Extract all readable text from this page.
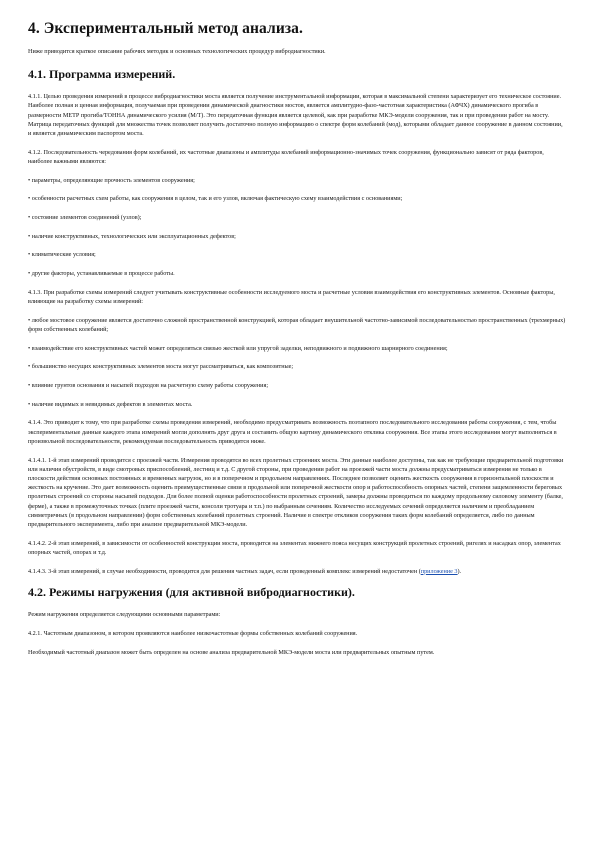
4. Экспериментальный метод анализа.

Ниже приводится краткое описание рабочих методик и основных технологических процедур вибродиагностики.

4.1. Программа измерений.

4.1.1. Целью проведения измерений в процессе вибродиагностики моста является получение инструментальной информации, которая в максимальной степени характеризует его техническое состояние. Наиболее полная и ценная информация, получаемая при проведении динамической диагностики мостов, является амплитудно-фазо-частотная характеристика (АФЧХ) динамического прогиба в размерности МЕТР прогиба/ТОННА динамического усилия (М/Т). Это передаточная функция является целевой, как при разработке МКЭ-модели сооружения, так и при проведении работ на мосту. Матрица передаточных функций для множества точек позволяет получить достаточно полную информацию о спектре форм колебаний (мод), которыми обладает данное сооружение в данном состоянии, и является динамическим паспортом моста.

4.1.2. Последовательность чередования форм колебаний, их частотные диапазоны и амплитуды колебаний информационно-значимых точек сооружения, функционально зависят от ряда факторов, наиболее важными являются:

• параметры, определяющие прочность элементов сооружения;

• особенности расчетных схем работы, как сооружения в целом, так и его узлов, включая фактическую схему взаимодействия с основаниями;

• состояние элементов соединений (узлов);

• наличие конструктивных, технологических или эксплуатационных дефектов;

• климатические условия;

• другие факторы, устанавливаемые в процессе работы.

4.1.3. При разработке схемы измерений следует учитывать конструктивные особенности исследуемого моста и расчетные условия взаимодействия его конструктивных элементов. Основные факторы, влияющие на разработку схемы измерений:

• любое мостовое сооружение является достаточно сложной пространственной конструкцией, которая обладает внушительной частотно-зависимой последовательностью пространственных (трехмерных) форм собственных колебаний;

• взаимодействие его конструктивных частей может определяться связью жесткой или упругой заделки, неподвижного и подвижного шарнирного соединения;

• большинство несущих конструктивных элементов моста могут рассматриваться, как композитные;

• влияние грунтов основания и насыпей подходов на расчетную схему работы сооружения;

• наличие видимых и невидимых дефектов в элементах моста.

4.1.4. Это приводит к тому, что при разработке схемы проведения измерений, необходимо предусматривать возможность поэтапного последовательного исследования работы сооружения, с тем, чтобы экспериментальные данные каждого этапа измерений могли дополнять друг друга и составить общую картину динамического отклика сооружения. Все этапы этого исследования могут выполняться в произвольной последовательности, рекомендуемая последовательность приводится ниже.

4.1.4.1. 1-й этап измерений проводится с проезжей части. Измерения проводятся во всех пролетных строениях моста. Эти данные наиболее доступны, так как не требующие предварительной подготовки или наличия обустройств, в виде смотровых приспособлений, лестниц и т.д. С другой стороны, при проведении работ на проезжей части моста должны предусматриваться измерения не только в плоскости действия основных постоянных и временных нагрузок, но и в поперечном и продольном направлениях. Последнее позволяет оценить жесткость сооружения в горизонтальной плоскости и жесткость на кручение. Это дает возможность оценить преимущественные связи в продольной или поперечной жесткости опор и работоспособность опорных частей, степени защемленности береговых пролетных строений со стороны насыпей подходов. Для более полной оценки работоспособности пролетных строений, замеры должны проводиться по каждому продольному силовому элементу (балке, ферме), а также в промежуточных точках (плите проезжей части, консоли тротуара и т.п.) по выбранным сечениям. Количество исследуемых сечений определяется наличием и преобладанием симметричных (в продольном направлении) форм собственных колебаний пролетных строений. Наличие в спектре откликов сооружения таких форм колебаний определяется, либо по данным предварительного эксперимента, либо при анализе предварительной МКЭ-модели.

4.1.4.2. 2-й этап измерений, в зависимости от особенностей конструкции моста, проводится на элементах нижнего пояса несущих конструкций пролетных строений, ригелях и насадках опор, элементах опорных частей, опорах и т.д.

4.1.4.3. 3-й этап измерений, в случае необходимости, проводится для решения частных задач, если проведенный комплекс измерений недостаточен (приложение 3).

4.2. Режимы нагружения (для активной вибродиагностики).

Режим нагружения определяется следующими основными параметрами:

4.2.1. Частотным диапазоном, в котором проявляются наиболее низкочастотные формы собственных колебаний сооружения.

Необходимый частотный диапазон может быть определен на основе анализа предварительной МКЭ-модели моста или предварительных опытным путем.
